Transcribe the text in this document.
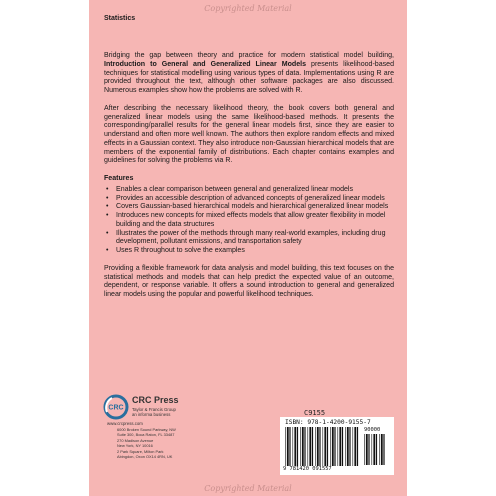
Copyrighted Material
Statistics

Bridging the gap between theory and practice for modern statistical model building, Introduction to General and Generalized Linear Models presents likelihood-based techniques for statistical modelling using various types of data. Implementations using R are provided throughout the text, although other software packages are also discussed. Numerous examples show how the problems are solved with R.

After describing the necessary likelihood theory, the book covers both general and generalized linear models using the same likelihood-based methods. It presents the corresponding/parallel results for the general linear models first, since they are easier to understand and often more well known. The authors then explore random effects and mixed effects in a Gaussian context. They also introduce non-Gaussian hierarchical models that are members of the exponential family of distributions. Each chapter contains examples and guidelines for solving the problems via R.

Features
• Enables a clear comparison between general and generalized linear models
• Provides an accessible description of advanced concepts of generalized linear models
• Covers Gaussian-based hierarchical models and hierarchical generalized linear models
• Introduces new concepts for mixed effects models that allow greater flexibility in model building and the data structures
• Illustrates the power of the methods through many real-world examples, including drug development, pollutant emissions, and transportation safety
• Uses R throughout to solve the examples

Providing a flexible framework for data analysis and model building, this text focuses on the statistical methods and models that can help predict the expected value of an outcome, dependent, or response variable. It offers a sound introduction to general and generalized linear models using the popular and powerful likelihood techniques.

CRC
CRC Press
Taylor & Francis Group
an informa business
www.crcpress.com
6000 Broken Sound Parkway, NW
Suite 300, Boca Raton, FL 33487
270 Madison Avenue
New York, NY 10016
2 Park Square, Milton Park
Abingdon, Oxon OX14 4RN, UK
C9155
ISBN: 978-1-4200-9155-7
9 781420 091557
90000
Copyrighted Material
